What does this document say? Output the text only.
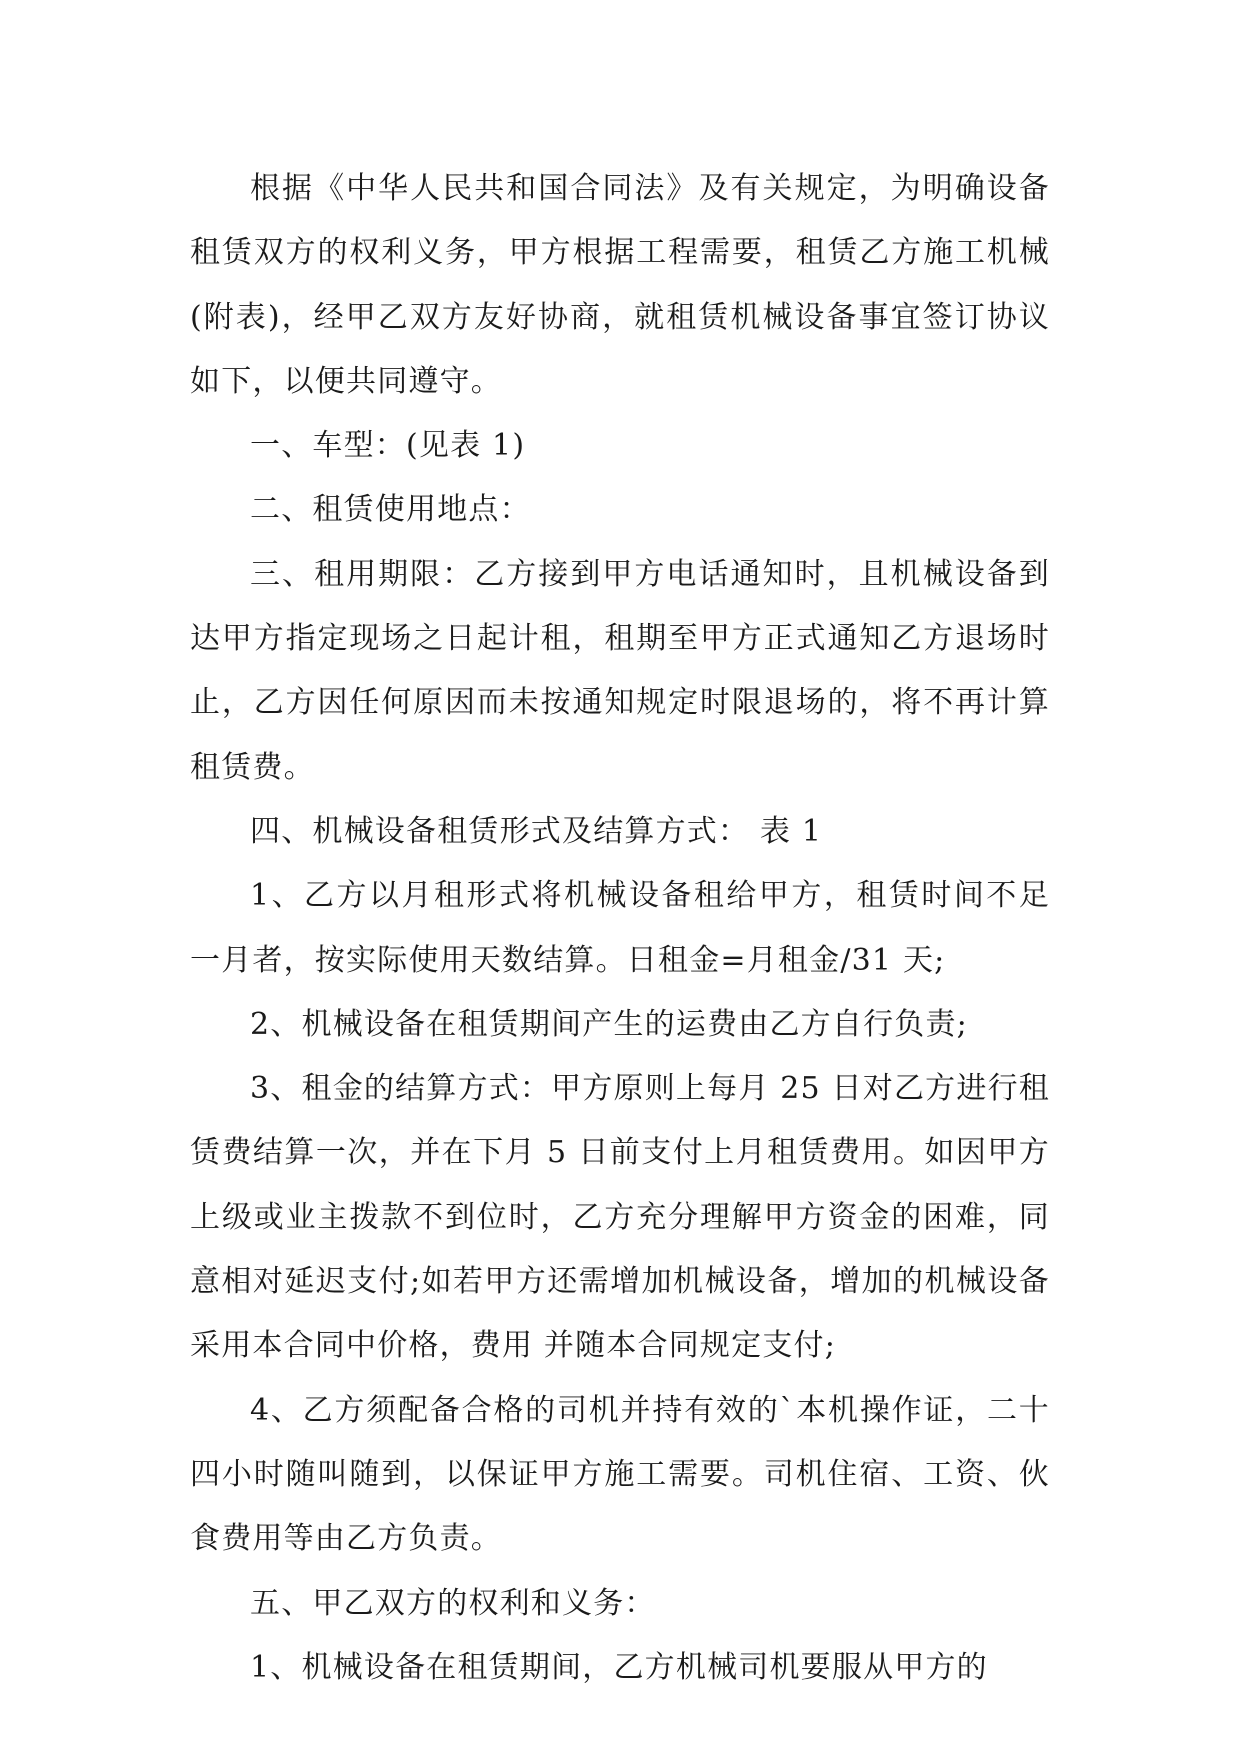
根据《中华人民共和国合同法》及有关规定，为明确设备租赁双方的权利义务，甲方根据工程需要，租赁乙方施工机械(附表)，经甲乙双方友好协商，就租赁机械设备事宜签订协议如下，以便共同遵守。

一、车型：(见表 1)

二、租赁使用地点：

三、租用期限：乙方接到甲方电话通知时，且机械设备到达甲方指定现场之日起计租，租期至甲方正式通知乙方退场时止，乙方因任何原因而未按通知规定时限退场的，将不再计算租赁费。

四、机械设备租赁形式及结算方式： 表 1

1、乙方以月租形式将机械设备租给甲方，租赁时间不足一月者，按实际使用天数结算。日租金=月租金/31 天;

2、机械设备在租赁期间产生的运费由乙方自行负责;

3、租金的结算方式：甲方原则上每月 25 日对乙方进行租赁费结算一次，并在下月 5 日前支付上月租赁费用。如因甲方上级或业主拨款不到位时，乙方充分理解甲方资金的困难，同意相对延迟支付;如若甲方还需增加机械设备，增加的机械设备采用本合同中价格，费用 并随本合同规定支付;

4、乙方须配备合格的司机并持有效的`本机操作证，二十四小时随叫随到，以保证甲方施工需要。司机住宿、工资、伙食费用等由乙方负责。

五、甲乙双方的权利和义务：

1、机械设备在租赁期间，乙方机械司机要服从甲方的
